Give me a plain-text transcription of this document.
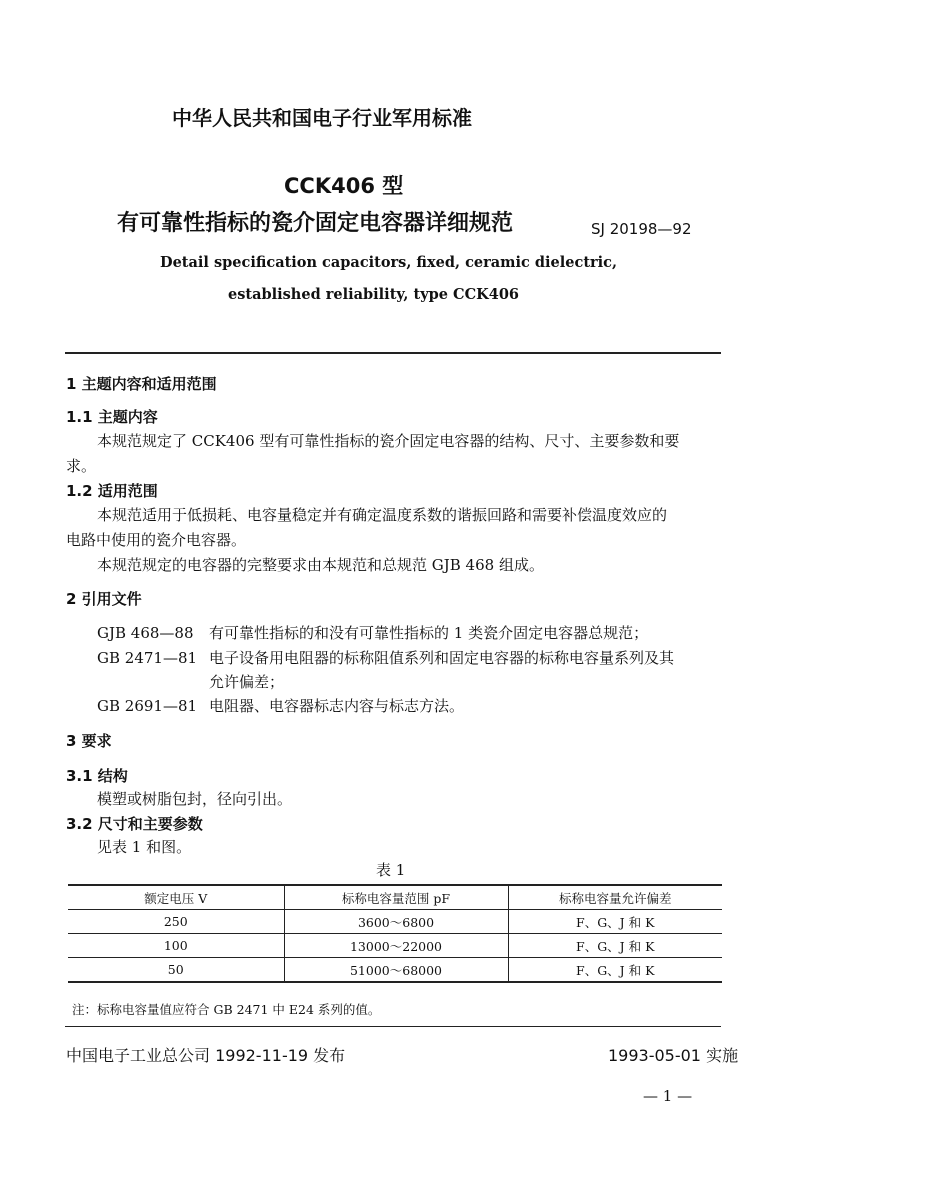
中华人民共和国电子行业军用标准
CCK406 型
有可靠性指标的瓷介固定电容器详细规范	SJ 20198—92
Detail specification capacitors, fixed, ceramic dielectric,
established reliability, type CCK406
1 主题内容和适用范围
1.1 主题内容
本规范规定了 CCK406 型有可靠性指标的瓷介固定电容器的结构、尺寸、主要参数和要
求。
1.2 适用范围
本规范适用于低损耗、电容量稳定并有确定温度系数的谐振回路和需要补偿温度效应的
电路中使用的瓷介电容器。
本规范规定的电容器的完整要求由本规范和总规范 GJB 468 组成。
2 引用文件
GJB 468—88 有可靠性指标的和没有可靠性指标的 1 类瓷介固定电容器总规范；
GB 2471—81 电子设备用电阻器的标称阻值系列和固定电容器的标称电容量系列及其
允许偏差；
GB 2691—81 电阻器、电容器标志内容与标志方法。
3 要求
3.1 结构
模塑或树脂包封，径向引出。
3.2 尺寸和主要参数
见表 1 和图。
表 1
额定电压 V	标称电容量范围 pF	标称电容量允许偏差
250	3600～6800	F、G、J 和 K
100	13000～22000	F、G、J 和 K
50	51000～68000	F、G、J 和 K
注：标称电容量值应符合 GB 2471 中 E24 系列的值。
中国电子工业总公司 1992-11-19 发布	1993-05-01 实施
— 1 —
